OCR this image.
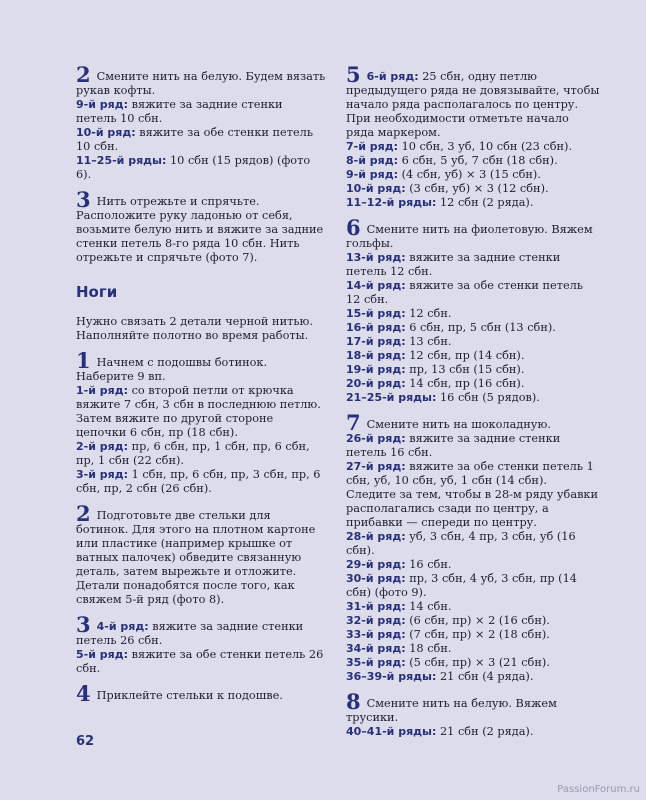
2 Смените нить на белую. Будем вязать рукав кофты.

9-й ряд: вяжите за задние стенки петель 10 сбн.

10-й ряд: вяжите за обе стенки петель 10 сбн.

11–25-й ряды: 10 сбн (15 рядов) (фото 6).

3 Нить отрежьте и спрячьте. Расположите руку ладонью от себя, возьмите белую нить и вяжите за задние стенки петель 8-го ряда 10 сбн. Нить отрежьте и спрячьте (фото 7).

Ноги

Нужно связать 2 детали черной нитью. Наполняйте полотно во время работы.

1 Начнем с подошвы ботинок. Наберите 9 вп.

1-й ряд: со второй петли от крючка вяжите 7 сбн, 3 сбн в последнюю петлю. Затем вяжите по другой стороне цепочки 6 сбн, пр (18 сбн).

2-й ряд: пр, 6 сбн, пр, 1 сбн, пр, 6 сбн, пр, 1 сбн (22 сбн).

3-й ряд: 1 сбн, пр, 6 сбн, пр, 3 сбн, пр, 6 сбн, пр, 2 сбн (26 сбн).

2 Подготовьте две стельки для ботинок. Для этого на плотном картоне или пластике (например крышке от ватных палочек) обведите связанную деталь, затем вырежьте и отложите. Детали понадобятся после того, как свяжем 5-й ряд (фото 8).

3 4-й ряд: вяжите за задние стенки петель 26 сбн.

5-й ряд: вяжите за обе стенки петель 26 сбн.

4 Приклейте стельки к подошве.

5 6-й ряд: 25 сбн, одну петлю предыдущего ряда не довязывайте, чтобы начало ряда располагалось по центру. При необходимости отметьте начало ряда маркером.

7-й ряд: 10 сбн, 3 уб, 10 сбн (23 сбн).

8-й ряд: 6 сбн, 5 уб, 7 сбн (18 сбн).

9-й ряд: (4 сбн, уб) × 3 (15 сбн).

10-й ряд: (3 сбн, уб) × 3 (12 сбн).

11–12-й ряды: 12 сбн (2 ряда).

6 Смените нить на фиолетовую. Вяжем гольфы.

13-й ряд: вяжите за задние стенки петель 12 сбн.

14-й ряд: вяжите за обе стенки петель 12 сбн.

15-й ряд: 12 сбн.

16-й ряд: 6 сбн, пр, 5 сбн (13 сбн).

17-й ряд: 13 сбн.

18-й ряд: 12 сбн, пр (14 сбн).

19-й ряд: пр, 13 сбн (15 сбн).

20-й ряд: 14 сбн, пр (16 сбн).

21–25-й ряды: 16 сбн (5 рядов).

7 Смените нить на шоколадную.

26-й ряд: вяжите за задние стенки петель 16 сбн.

27-й ряд: вяжите за обе стенки петель 1 сбн, уб, 10 сбн, уб, 1 сбн (14 сбн).

Следите за тем, чтобы в 28-м ряду убавки располагались сзади по центру, а прибавки — спереди по центру.

28-й ряд: уб, 3 сбн, 4 пр, 3 сбн, уб (16 сбн).

29-й ряд: 16 сбн.

30-й ряд: пр, 3 сбн, 4 уб, 3 сбн, пр (14 сбн) (фото 9).

31-й ряд: 14 сбн.

32-й ряд: (6 сбн, пр) × 2 (16 сбн).

33-й ряд: (7 сбн, пр) × 2 (18 сбн).

34-й ряд: 18 сбн.

35-й ряд: (5 сбн, пр) × 3 (21 сбн).

36–39-й ряды: 21 сбн (4 ряда).

8 Смените нить на белую. Вяжем трусики.

40–41-й ряды: 21 сбн (2 ряда).

62
PassionForum.ru
